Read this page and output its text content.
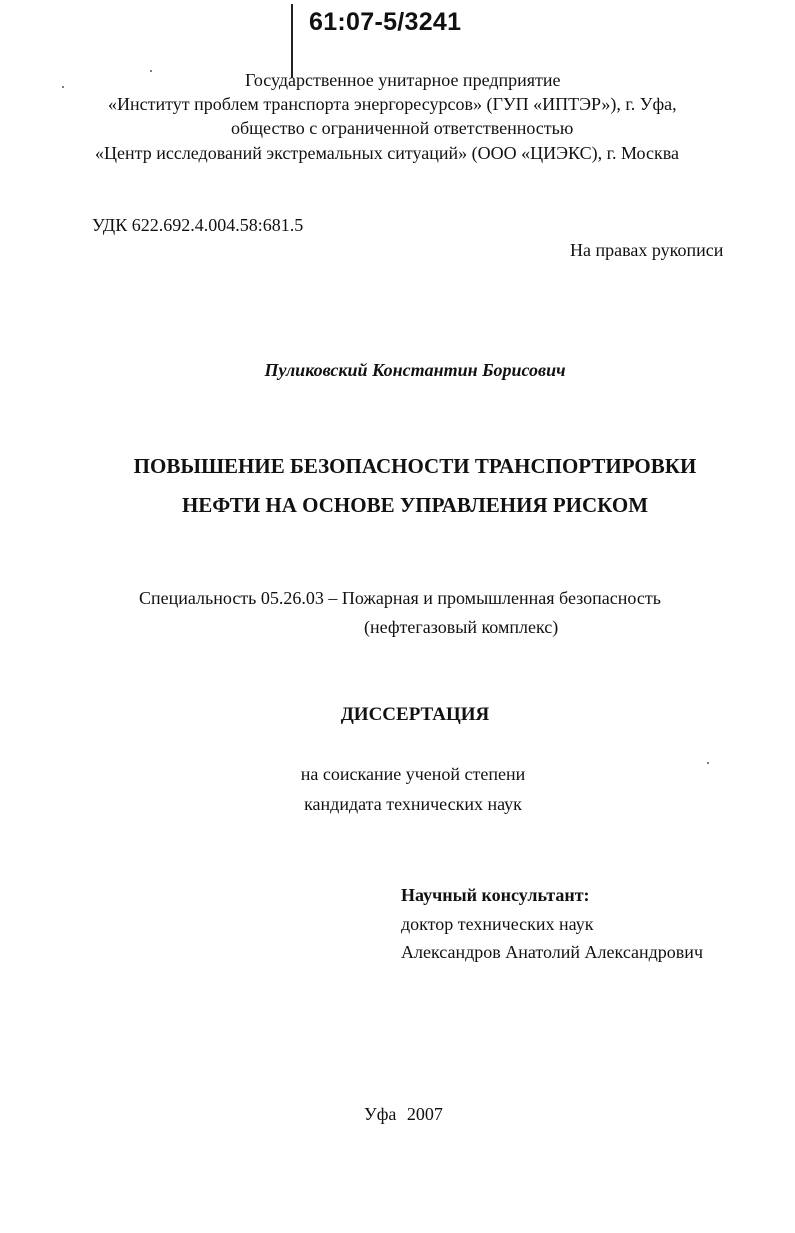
61:07-5/3241
Государственное унитарное предприятие
«Институт проблем транспорта энергоресурсов» (ГУП «ИПТЭР»), г. Уфа,
общество с ограниченной ответственностью
«Центр исследований экстремальных ситуаций» (ООО «ЦИЭКС), г. Москва
УДК 622.692.4.004.58:681.5
На правах рукописи
Пуликовский Константин Борисович
ПОВЫШЕНИЕ БЕЗОПАСНОСТИ ТРАНСПОРТИРОВКИ
НЕФТИ НА ОСНОВЕ УПРАВЛЕНИЯ РИСКОМ
Специальность 05.26.03 – Пожарная и промышленная безопасность
(нефтегазовый комплекс)
ДИССЕРТАЦИЯ
на соискание ученой степени
кандидата технических наук
Научный консультант:
доктор технических наук
Александров Анатолий Александрович
Уфа 2007
